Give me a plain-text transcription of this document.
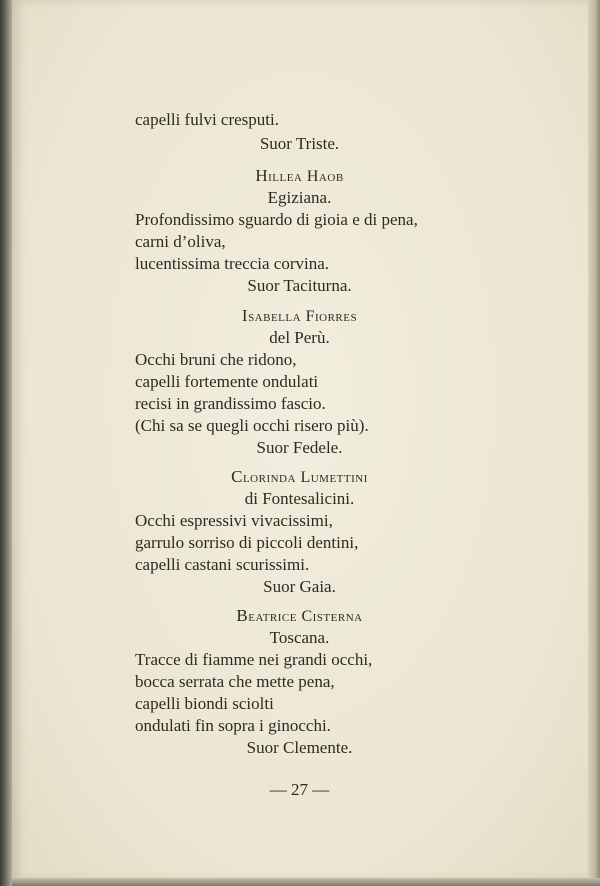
capelli fulvi cresputi.
Suor Triste.
Hillea Haob
Egiziana.
Profondissimo sguardo di gioia e di pena,
carni d’oliva,
lucentissima treccia corvina.
Suor Taciturna.
Isabella Fiorres
del Perù.
Occhi bruni che ridono,
capelli fortemente ondulati
recisi in grandissimo fascio.
(Chi sa se quegli occhi risero più).
Suor Fedele.
Clorinda Lumettini
di Fontesalicini.
Occhi espressivi vivacissimi,
garrulo sorriso di piccoli dentini,
capelli castani scurissimi.
Suor Gaia.
Beatrice Cisterna
Toscana.
Tracce di fiamme nei grandi occhi,
bocca serrata che mette pena,
capelli biondi sciolti
ondulati fin sopra i ginocchi.
Suor Clemente.
— 27 —
